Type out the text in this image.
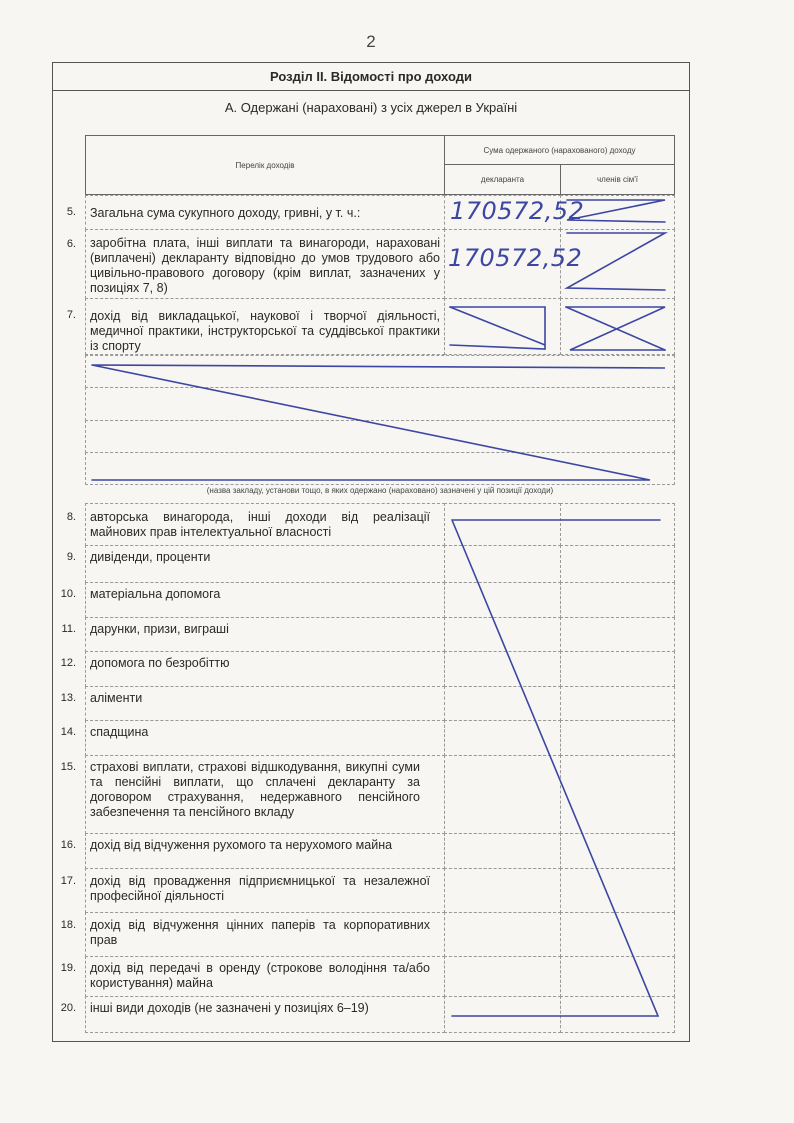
2
Розділ II. Відомості про доходи
А. Одержані (нараховані) з усіх джерел в Україні
Перелік доходів
Сума одержаного (нарахованого) доходу
декларанта	членів сім'ї
5. Загальна сума сукупного доходу, гривні, у т. ч.:	170572,52
6. заробітна плата, інші виплати та винагороди, нараховані (виплачені) декларанту відповідно до умов трудового або цивільно-правового договору (крім виплат, зазначених у позиціях 7, 8)
170572,52
7. дохід від викладацької, наукової і творчої діяльності, медичної практики, інструкторської та суддівської практики із спорту
(назва закладу, установи тощо, в яких одержано (нараховано) зазначені у цій позиції доходи)
8. авторська винагорода, інші доходи від реалізації майнових прав інтелектуальної власності
9. дивіденди, проценти
10. матеріальна допомога
11. дарунки, призи, виграші
12. допомога по безробіттю
13. аліменти
14. спадщина
15. страхові виплати, страхові відшкодування, викупні суми та пенсійні виплати, що сплачені декларанту за договором страхування, недержавного пенсійного забезпечення та пенсійного вкладу
16. дохід від відчуження рухомого та нерухомого майна
17. дохід від провадження підприємницької та незалежної професійної діяльності
18. дохід від відчуження цінних паперів та корпоративних прав
19. дохід від передачі в оренду (строкове володіння та/або користування) майна
20. інші види доходів (не зазначені у позиціях 6–19)
